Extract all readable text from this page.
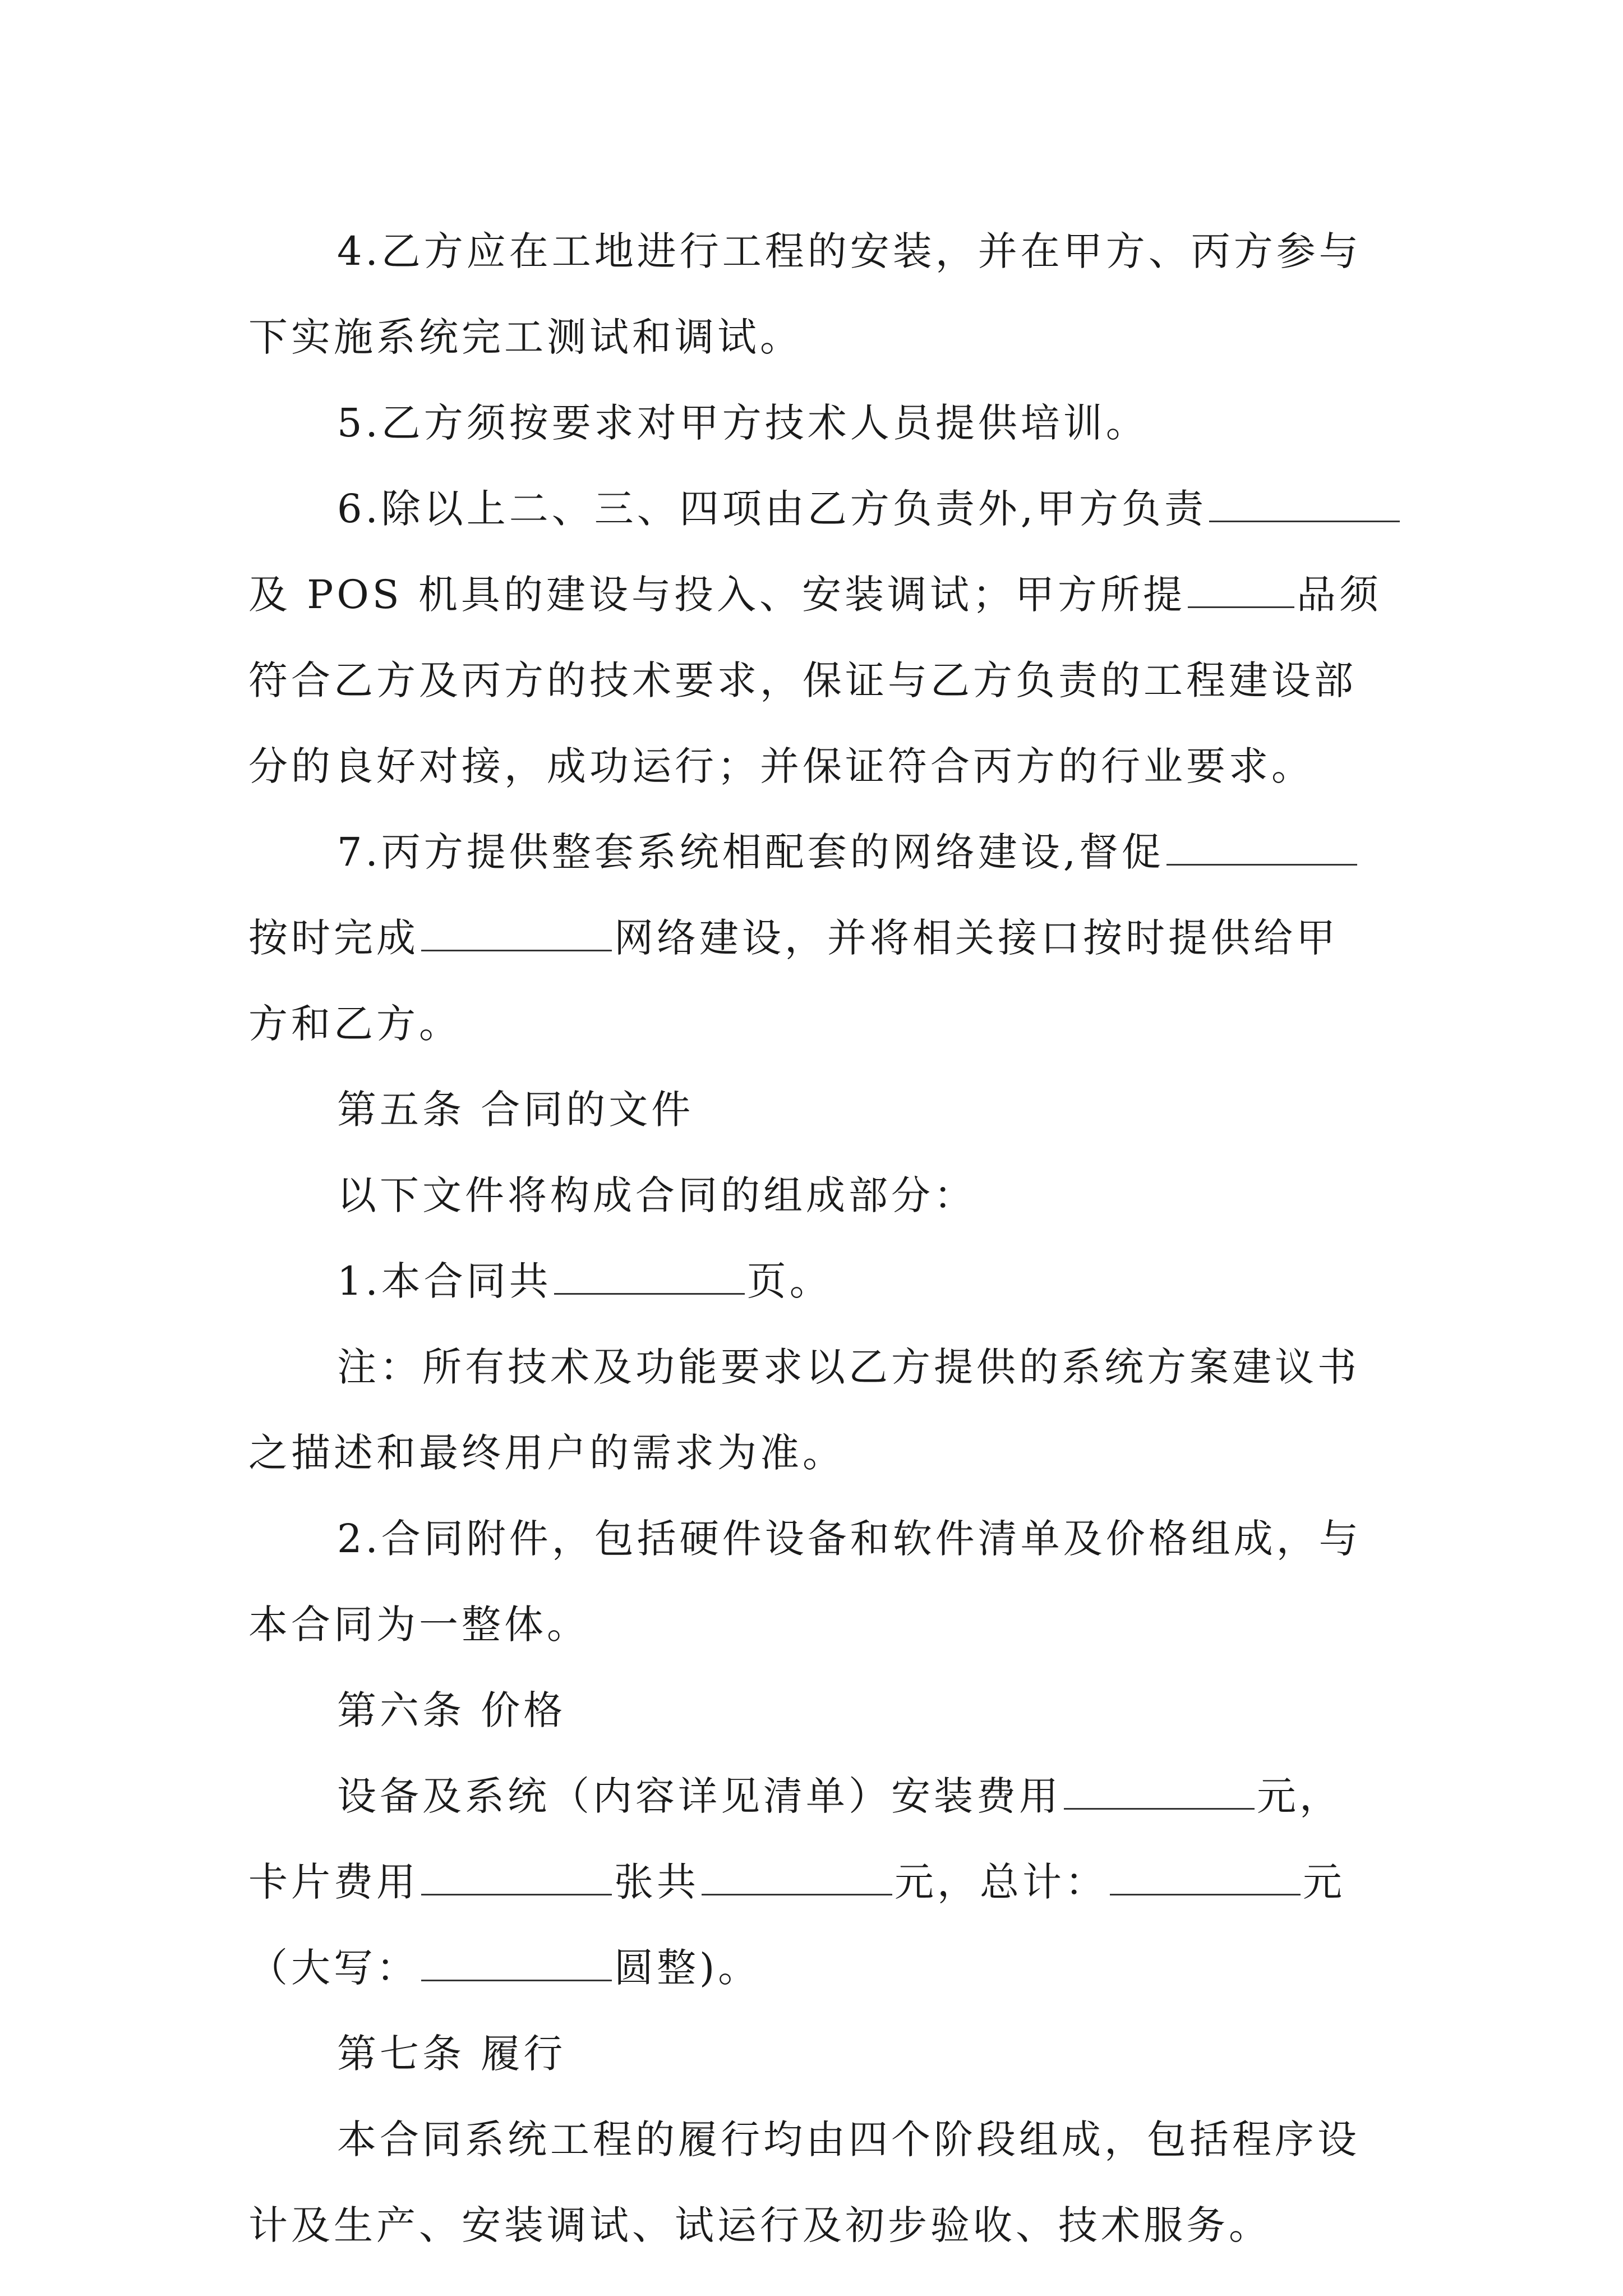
4.乙方应在工地进行工程的安装，并在甲方、丙方参与
下实施系统完工测试和调试。
5.乙方须按要求对甲方技术人员提供培训。
6.除以上二、三、四项由乙方负责外,甲方负责
及 POS 机具的建设与投入、安装调试；甲方所提	品须
符合乙方及丙方的技术要求，保证与乙方负责的工程建设部
分的良好对接，成功运行；并保证符合丙方的行业要求。
7.丙方提供整套系统相配套的网络建设,督促
按时完成	网络建设，并将相关接口按时提供给甲
方和乙方。
第五条 合同的文件
以下文件将构成合同的组成部分：
1.本合同共	页。
注：所有技术及功能要求以乙方提供的系统方案建议书
之描述和最终用户的需求为准。
2.合同附件，包括硬件设备和软件清单及价格组成，与
本合同为一整体。
第六条 价格
设备及系统（内容详见清单）安装费用	元，
卡片费用	张共	元，总计：	元
（大写：	圆整)。
第七条 履行
本合同系统工程的履行均由四个阶段组成，包括程序设
计及生产、安装调试、试运行及初步验收、技术服务。
